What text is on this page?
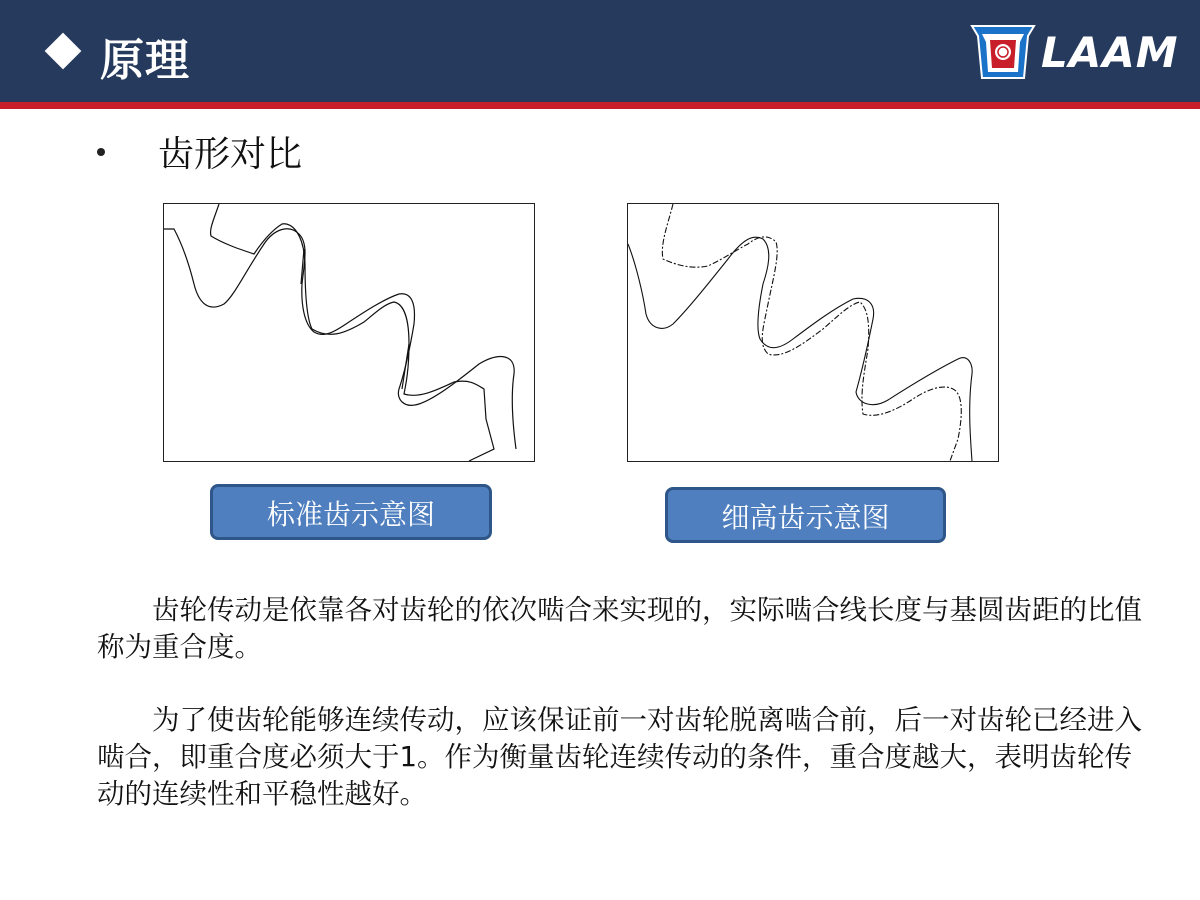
原理	LAAM
齿形对比
标准齿示意图	细高齿示意图
　　齿轮传动是依靠各对齿轮的依次啮合来实现的，实际啮合线长度与基圆齿距的比值称为重合度。
　　为了使齿轮能够连续传动，应该保证前一对齿轮脱离啮合前，后一对齿轮已经进入啮合，即重合度必须大于1。作为衡量齿轮连续传动的条件，重合度越大，表明齿轮传动的连续性和平稳性越好。
